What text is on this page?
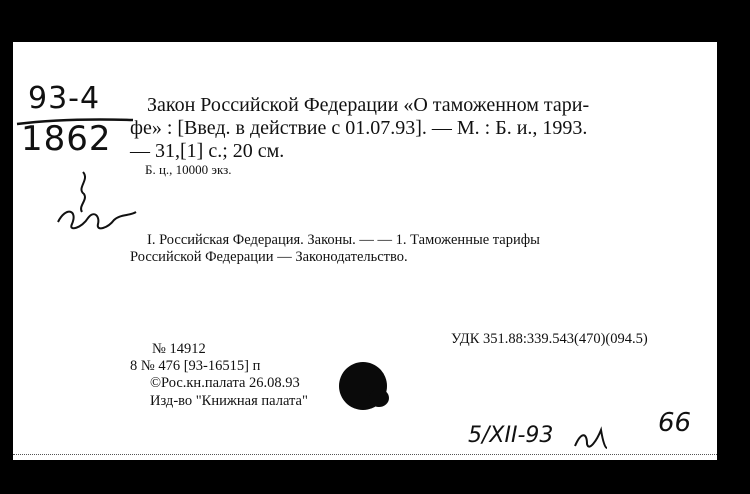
93-4
1862
Закон Российской Федерации «О таможенном тари-
фе» : [Введ. в действие с 01.07.93]. — М. : Б. и., 1993.
— 31,[1] с.; 20 см.
Б. ц., 10000 экз.
I. Российская Федерация. Законы. — — 1. Таможенные тарифы
Российской Федерации — Законодательство.
№ 14912
УДК 351.88:339.543(470)(094.5)
8 № 476 [93-16515] п
©Рос.кн.палата 26.08.93
Изд-во "Книжная палата"
5/XII-93	66
